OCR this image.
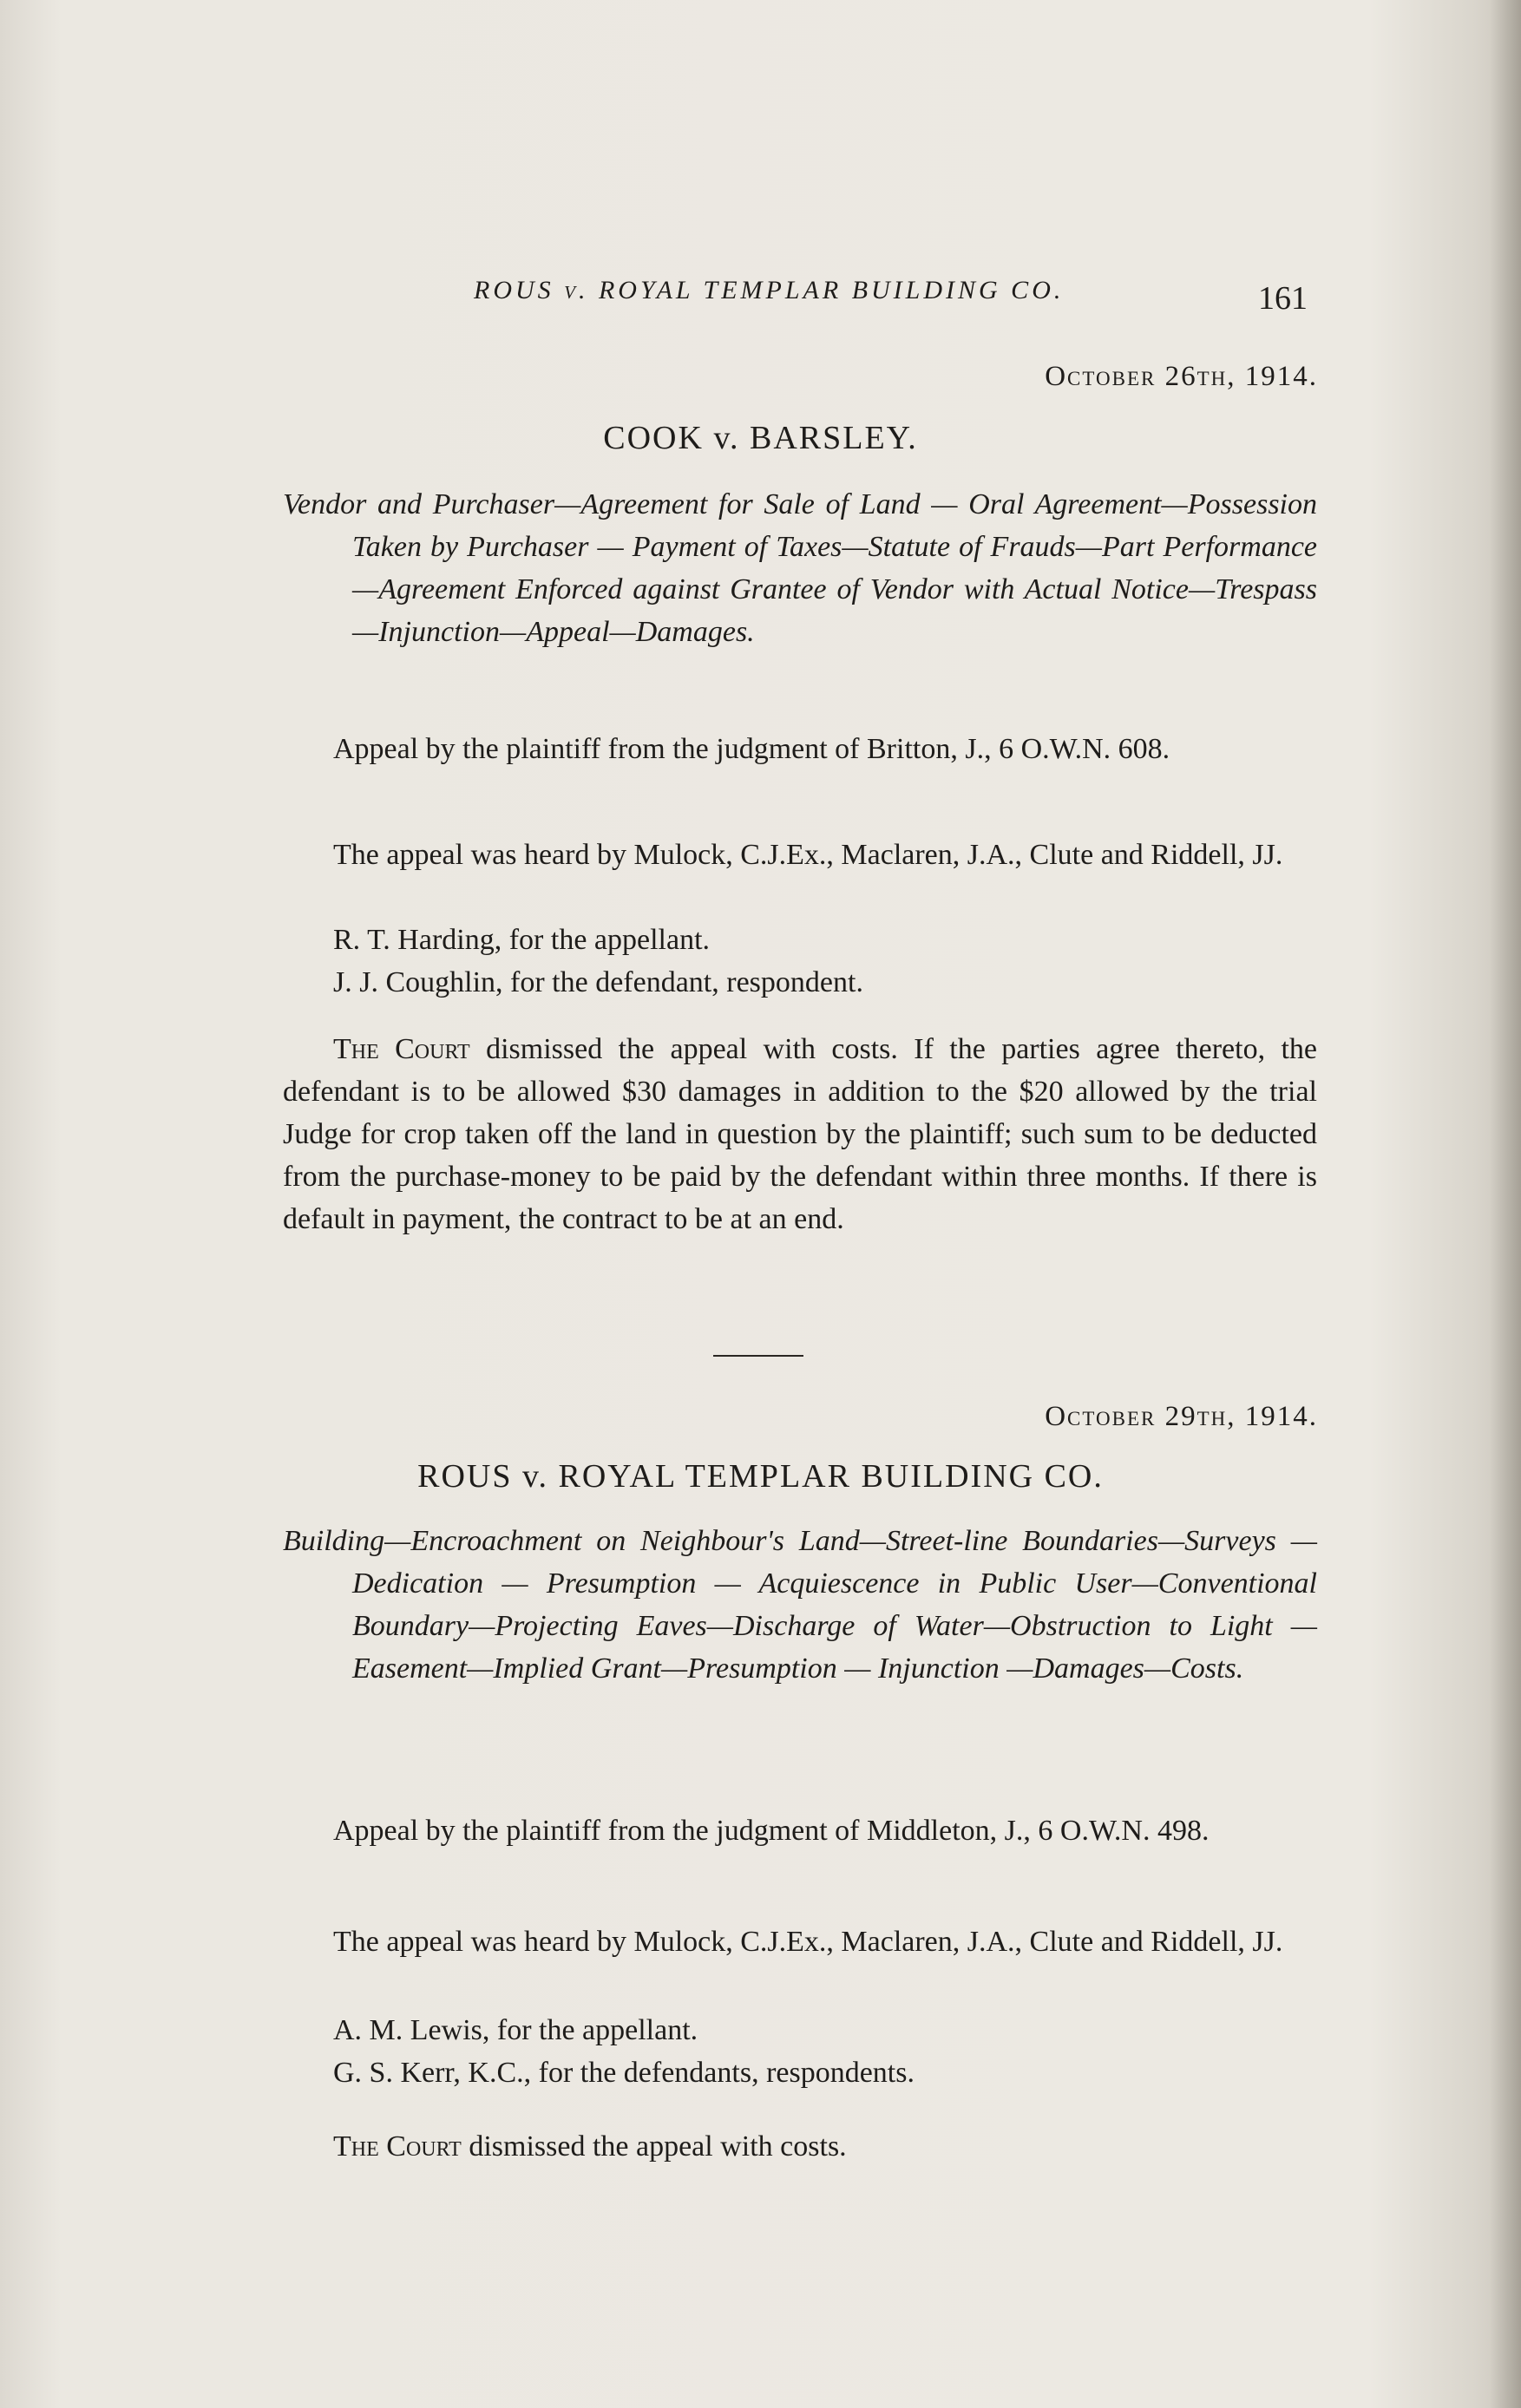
ROUS v. ROYAL TEMPLAR BUILDING CO.	161
October 26th, 1914.
COOK v. BARSLEY.
Vendor and Purchaser—Agreement for Sale of Land — Oral Agreement—Possession Taken by Purchaser — Payment of Taxes—Statute of Frauds—Part Performance—Agreement Enforced against Grantee of Vendor with Actual Notice—Trespass—Injunction—Appeal—Damages.
Appeal by the plaintiff from the judgment of Britton, J., 6 O.W.N. 608.
The appeal was heard by Mulock, C.J.Ex., Maclaren, J.A., Clute and Riddell, JJ.
R. T. Harding, for the appellant.
J. J. Coughlin, for the defendant, respondent.
The Court dismissed the appeal with costs. If the parties agree thereto, the defendant is to be allowed $30 damages in addition to the $20 allowed by the trial Judge for crop taken off the land in question by the plaintiff; such sum to be deducted from the purchase-money to be paid by the defendant within three months. If there is default in payment, the contract to be at an end.
October 29th, 1914.
ROUS v. ROYAL TEMPLAR BUILDING CO.
Building—Encroachment on Neighbour's Land—Street-line Boundaries—Surveys — Dedication — Presumption — Acquiescence in Public User—Conventional Boundary—Projecting Eaves—Discharge of Water—Obstruction to Light —Easement—Implied Grant—Presumption — Injunction —Damages—Costs.
Appeal by the plaintiff from the judgment of Middleton, J., 6 O.W.N. 498.
The appeal was heard by Mulock, C.J.Ex., Maclaren, J.A., Clute and Riddell, JJ.
A. M. Lewis, for the appellant.
G. S. Kerr, K.C., for the defendants, respondents.
The Court dismissed the appeal with costs.
